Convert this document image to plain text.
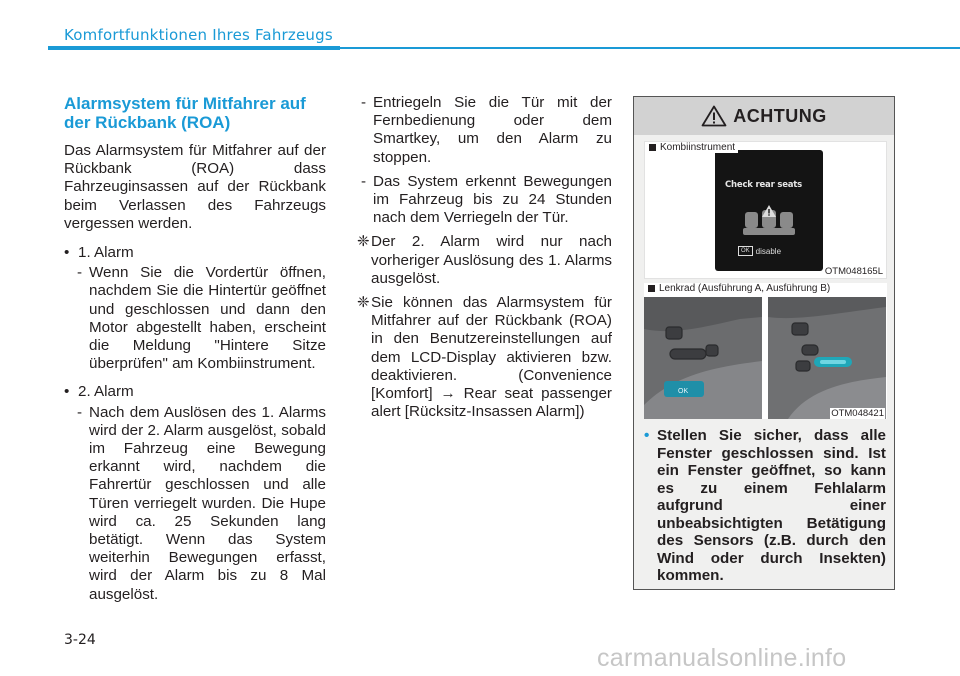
Komfortfunktionen Ihres Fahrzeugs
Alarmsystem für Mitfahrer auf der Rückbank (ROA)
Das Alarmsystem für Mitfahrer auf der Rückbank (ROA) dass Fahrzeuginsassen auf der Rückbank beim Verlassen des Fahrzeugs vergessen werden.
• 1. Alarm
- Wenn Sie die Vordertür öffnen, nachdem Sie die Hintertür geöffnet und geschlossen und dann den Motor abgestellt haben, erscheint die Meldung "Hintere Sitze überprüfen" am Kombiinstrument.
• 2. Alarm
- Nach dem Auslösen des 1. Alarms wird der 2. Alarm ausgelöst, sobald im Fahrzeug eine Bewegung erkannt wird, nachdem die Fahrertür geschlossen und alle Türen verriegelt wurden. Die Hupe wird ca. 25 Sekunden lang betätigt. Wenn das System weiterhin Bewegungen erfasst, wird der Alarm bis zu 8 Mal ausgelöst.
- Entriegeln Sie die Tür mit der Fernbedienung oder dem Smartkey, um den Alarm zu stoppen.
- Das System erkennt Bewegungen im Fahrzeug bis zu 24 Stunden nach dem Verriegeln der Tür.
❈ Der 2. Alarm wird nur nach vorheriger Auslösung des 1. Alarms ausgelöst.
❈ Sie können das Alarmsystem für Mitfahrer auf der Rückbank (ROA) in den Benutzereinstellungen auf dem LCD-Display aktivieren bzw. deaktivieren. (Convenience [Komfort] → Rear seat passenger alert [Rücksitz-Insassen Alarm])
ACHTUNG
Check rear seats
OK disable
Kombiinstrument
OTM048165L
OK
Lenkrad (Ausführung A, Ausführung B)
OTM048421
• Stellen Sie sicher, dass alle Fenster geschlossen sind. Ist ein Fenster geöffnet, so kann es zu einem Fehlalarm aufgrund einer unbeabsichtigten Betätigung des Sensors (z.B. durch den Wind oder durch Insekten) kommen.
3-24
carmanualsonline.info
